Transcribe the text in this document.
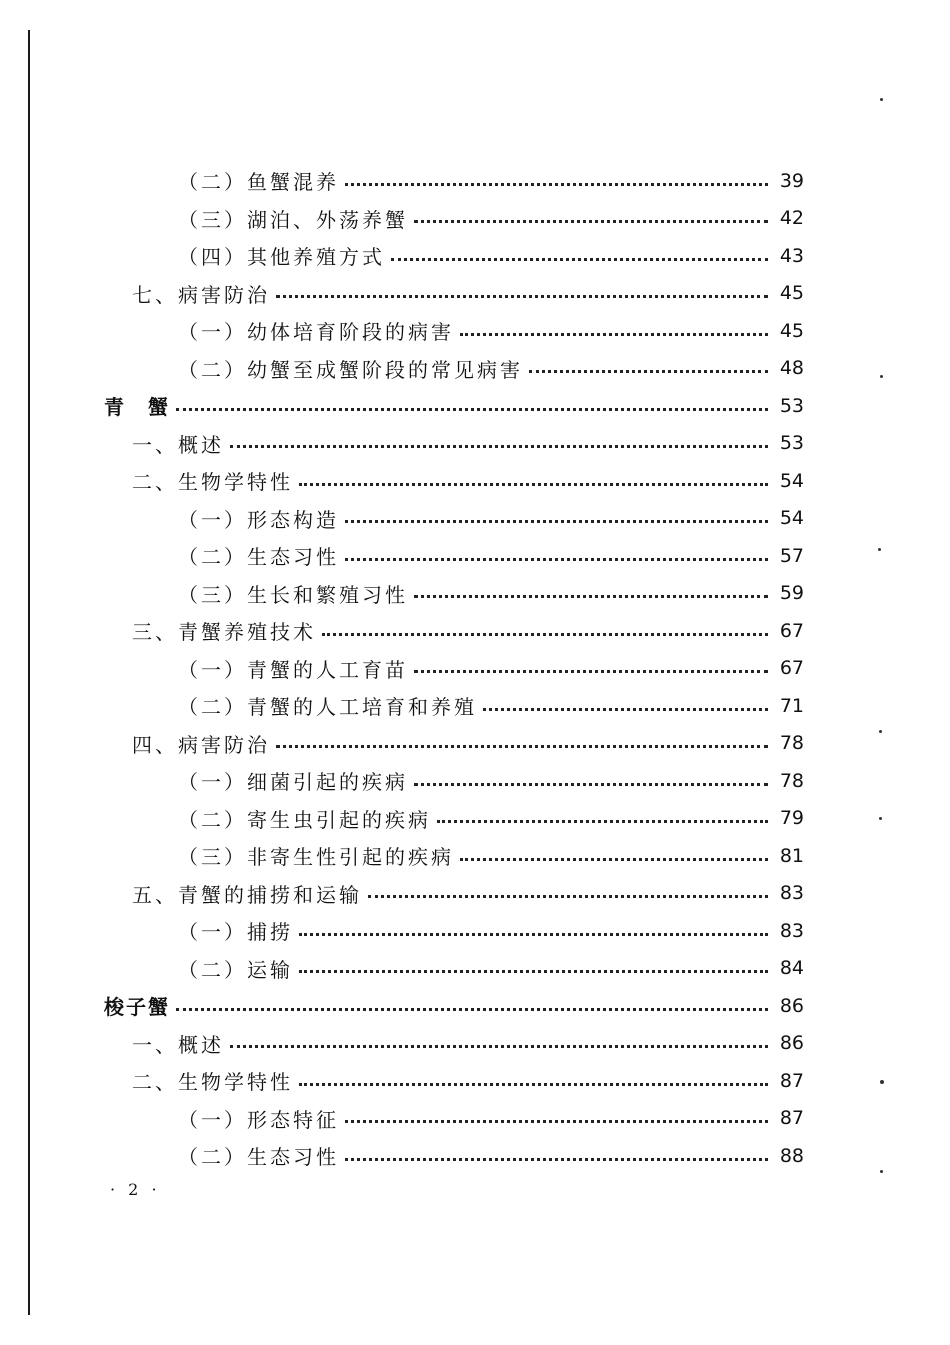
（二）鱼蟹混养	39
（三）湖泊、外荡养蟹	42
（四）其他养殖方式	43
七、病害防治	45
（一）幼体培育阶段的病害	45
（二）幼蟹至成蟹阶段的常见病害	48
青　蟹	53
一、概述	53
二、生物学特性	54
（一）形态构造	54
（二）生态习性	57
（三）生长和繁殖习性	59
三、青蟹养殖技术	67
（一）青蟹的人工育苗	67
（二）青蟹的人工培育和养殖	71
四、病害防治	78
（一）细菌引起的疾病	78
（二）寄生虫引起的疾病	79
（三）非寄生性引起的疾病	81
五、青蟹的捕捞和运输	83
（一）捕捞	83
（二）运输	84
梭子蟹	86
一、概述	86
二、生物学特性	87
（一）形态特征	87
（二）生态习性	88
· 2 ·
